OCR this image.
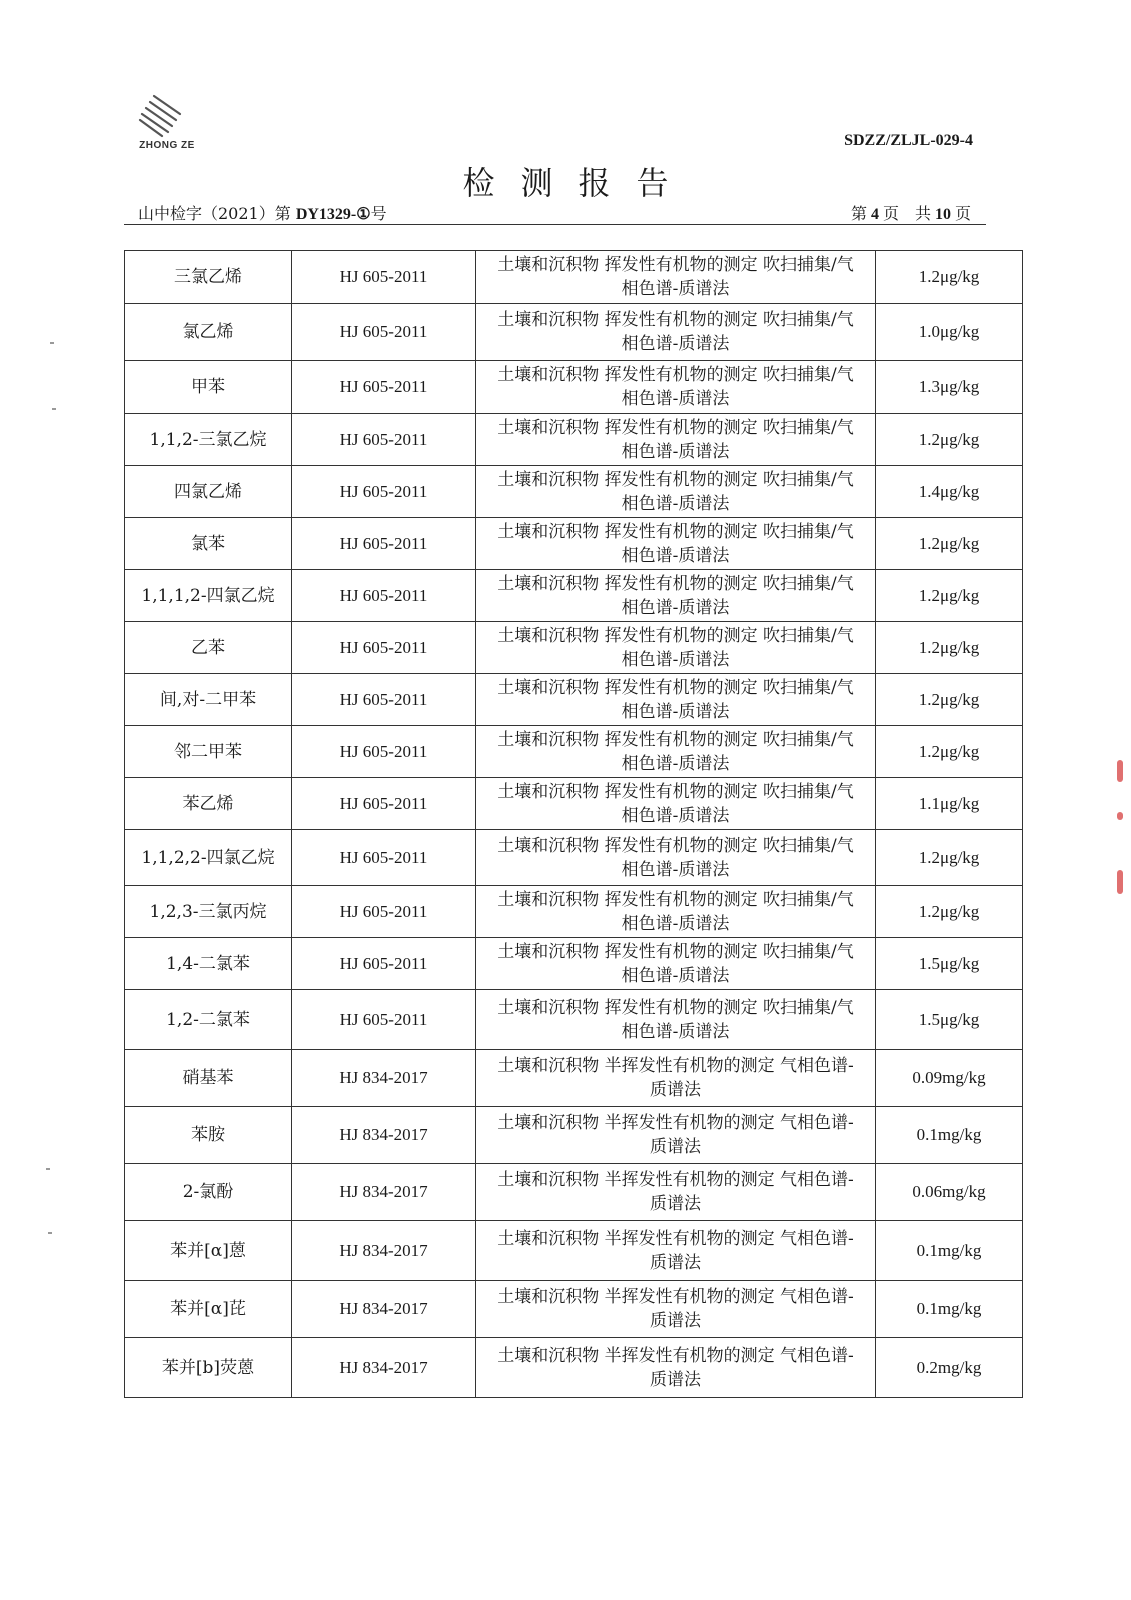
ZHONG ZE	SDZZ/ZLJL-029-4
检测报告
山中检字（2021）第 DY1329-①号	第 4 页　共 10 页
三氯乙烯	HJ 605-2011	土壤和沉积物 挥发性有机物的测定 吹扫捕集/气相色谱-质谱法	1.2μg/kg
氯乙烯	HJ 605-2011	土壤和沉积物 挥发性有机物的测定 吹扫捕集/气相色谱-质谱法	1.0μg/kg
甲苯	HJ 605-2011	土壤和沉积物 挥发性有机物的测定 吹扫捕集/气相色谱-质谱法	1.3μg/kg
1,1,2-三氯乙烷	HJ 605-2011	土壤和沉积物 挥发性有机物的测定 吹扫捕集/气相色谱-质谱法	1.2μg/kg
四氯乙烯	HJ 605-2011	土壤和沉积物 挥发性有机物的测定 吹扫捕集/气相色谱-质谱法	1.4μg/kg
氯苯	HJ 605-2011	土壤和沉积物 挥发性有机物的测定 吹扫捕集/气相色谱-质谱法	1.2μg/kg
1,1,1,2-四氯乙烷	HJ 605-2011	土壤和沉积物 挥发性有机物的测定 吹扫捕集/气相色谱-质谱法	1.2μg/kg
乙苯	HJ 605-2011	土壤和沉积物 挥发性有机物的测定 吹扫捕集/气相色谱-质谱法	1.2μg/kg
间,对-二甲苯	HJ 605-2011	土壤和沉积物 挥发性有机物的测定 吹扫捕集/气相色谱-质谱法	1.2μg/kg
邻二甲苯	HJ 605-2011	土壤和沉积物 挥发性有机物的测定 吹扫捕集/气相色谱-质谱法	1.2μg/kg
苯乙烯	HJ 605-2011	土壤和沉积物 挥发性有机物的测定 吹扫捕集/气相色谱-质谱法	1.1μg/kg
1,1,2,2-四氯乙烷	HJ 605-2011	土壤和沉积物 挥发性有机物的测定 吹扫捕集/气相色谱-质谱法	1.2μg/kg
1,2,3-三氯丙烷	HJ 605-2011	土壤和沉积物 挥发性有机物的测定 吹扫捕集/气相色谱-质谱法	1.2μg/kg
1,4-二氯苯	HJ 605-2011	土壤和沉积物 挥发性有机物的测定 吹扫捕集/气相色谱-质谱法	1.5μg/kg
1,2-二氯苯	HJ 605-2011	土壤和沉积物 挥发性有机物的测定 吹扫捕集/气相色谱-质谱法	1.5μg/kg
硝基苯	HJ 834-2017	土壤和沉积物 半挥发性有机物的测定 气相色谱-质谱法	0.09mg/kg
苯胺	HJ 834-2017	土壤和沉积物 半挥发性有机物的测定 气相色谱-质谱法	0.1mg/kg
2-氯酚	HJ 834-2017	土壤和沉积物 半挥发性有机物的测定 气相色谱-质谱法	0.06mg/kg
苯并[α]蒽	HJ 834-2017	土壤和沉积物 半挥发性有机物的测定 气相色谱-质谱法	0.1mg/kg
苯并[α]芘	HJ 834-2017	土壤和沉积物 半挥发性有机物的测定 气相色谱-质谱法	0.1mg/kg
苯并[b]荧蒽	HJ 834-2017	土壤和沉积物 半挥发性有机物的测定 气相色谱-质谱法	0.2mg/kg
